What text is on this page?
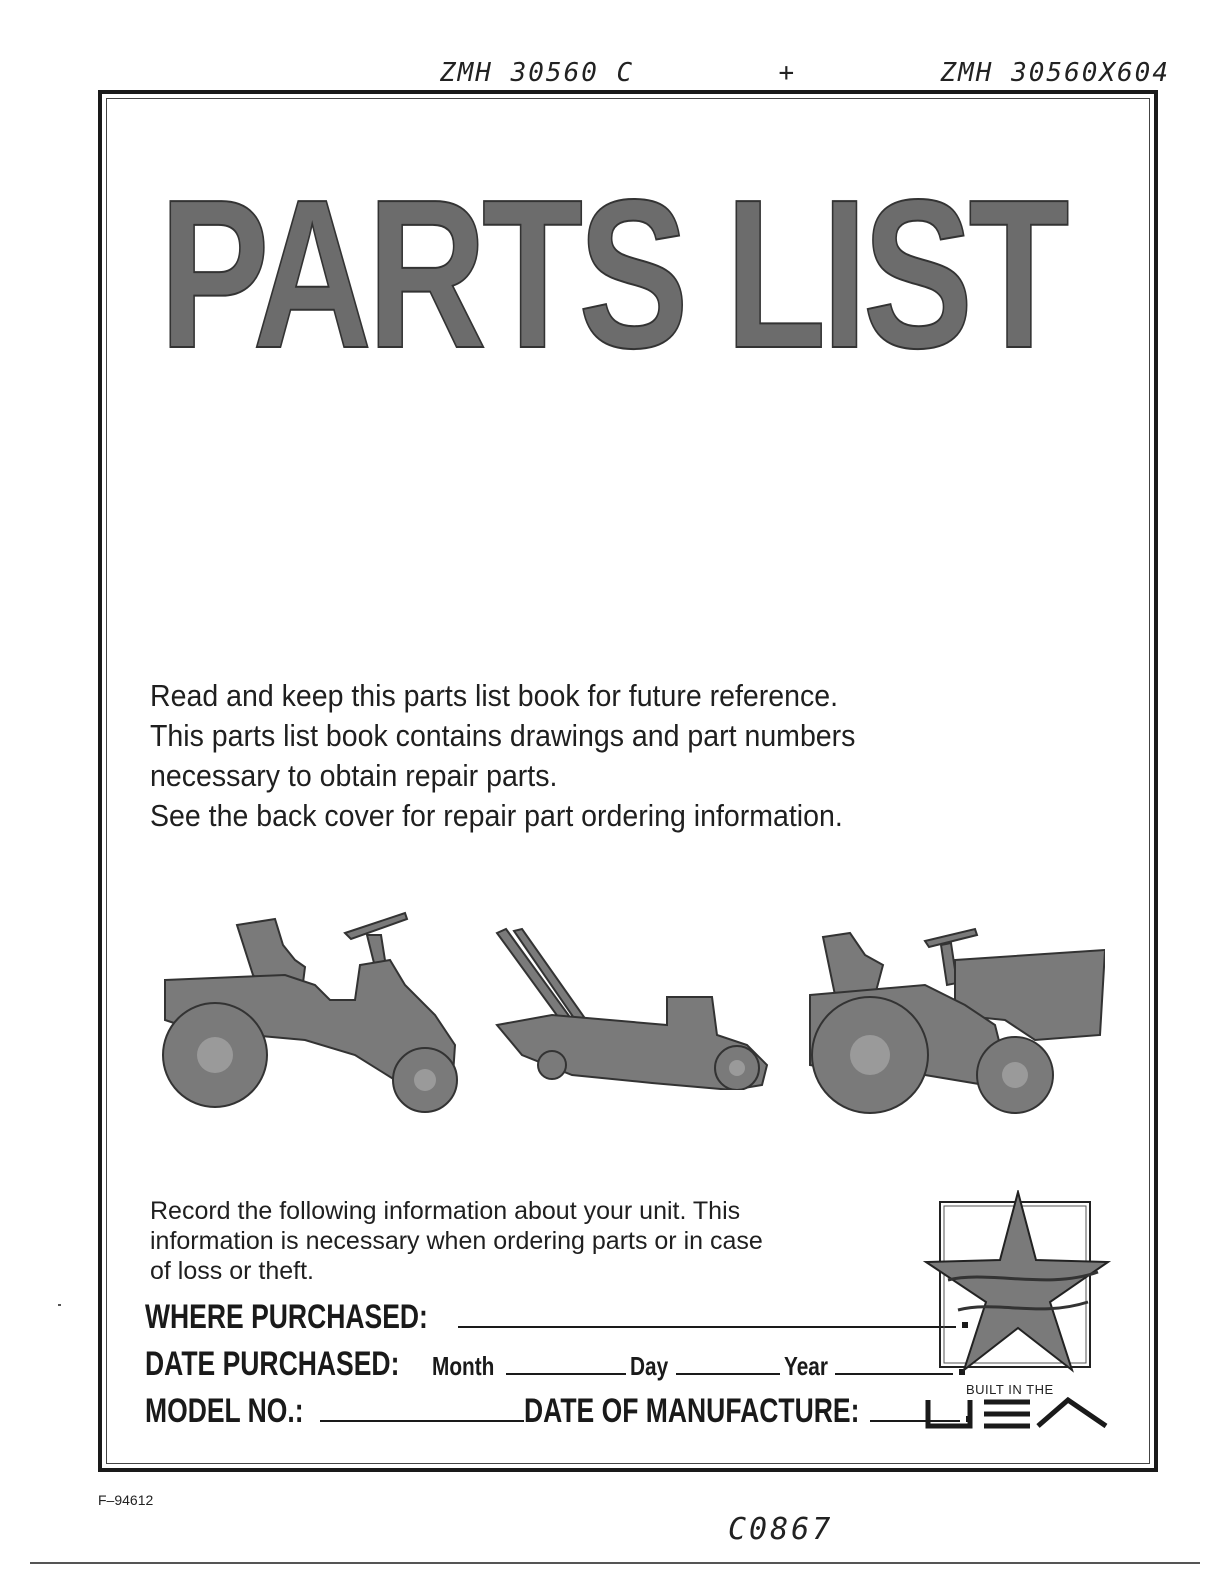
ZMH 30560 C	+	ZMH 30560X604
PARTS LIST
Read and keep this parts list book for future reference.
This parts list book contains drawings and part numbers
necessary to obtain repair parts.
See the back cover for repair part ordering information.
Record the following information about your unit. This
information is necessary when ordering parts or in case
of loss or theft.
WHERE PURCHASED:
DATE PURCHASED: Month	Day	Year
MODEL NO.:	DATE OF MANUFACTURE:
BUILT IN THE
F–94612
C0867
